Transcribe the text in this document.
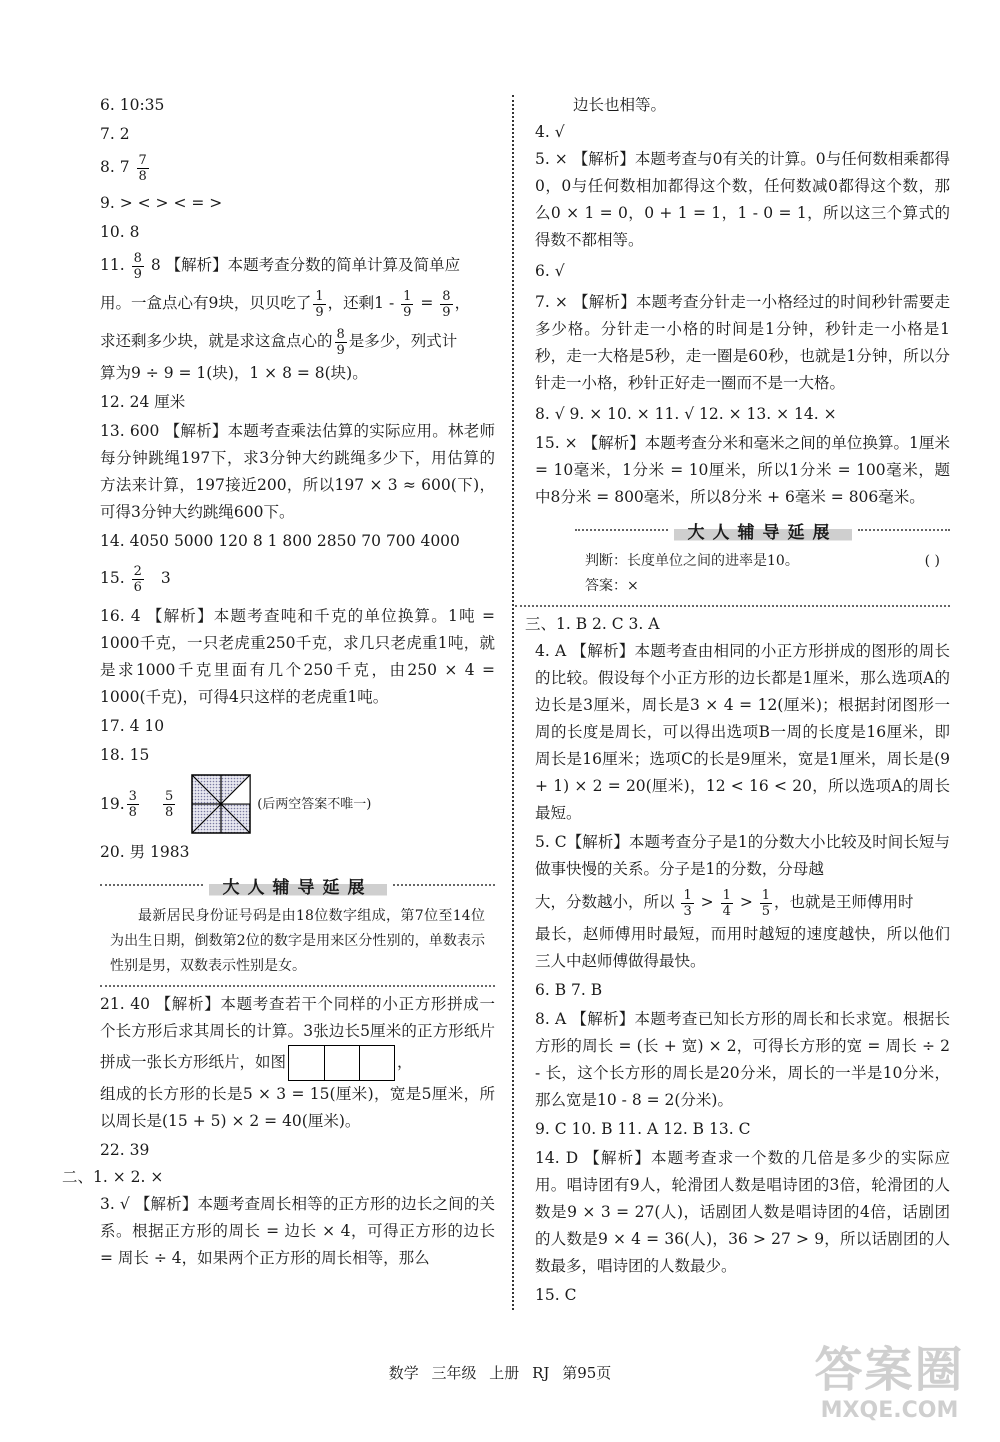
6. 10:35
7. 2
8. $7 \frac{7}{8}$
9. > < > < = >
10. 8
11. $\frac{8}{9} 8$ 【解析】本题考查分数的简单计算及简单应
用。一盒点心有9块，贝贝吃了 $\frac{1}{9}$ ，还剩$1 - \frac{1}{9} = \frac{8}{9}$ ，
求还剩多少块，就是求这盒点心的 $\frac{8}{9}$ 是多少，列式计
算为9 ÷ 9 = 1(块)，1 × 8 = 8(块)。
12. 24 厘米
13. 600 【解析】本题考查乘法估算的实际应用。林老师每分钟跳绳197下，求3分钟大约跳绳多少下，用估算的方法来计算，197接近200，所以197 × 3 ≈ 600(下)，可得3分钟大约跳绳600下。
14. 4050 5000 120 8 1 800 2850 70 700 4000
15. $\frac{2}{6} 3$
16. 4 【解析】本题考查吨和千克的单位换算。1吨 = 1000千克，一只老虎重250千克，求几只老虎重1吨，就是求1000千克里面有几个250千克，由250 × 4 = 1000(千克)，可得4只这样的老虎重1吨。
17. 4 10
18. 15
19. 3
8
5
8
(后两空答案不唯一)
20. 男 1983
大人辅导延展
最新居民身份证号码是由18位数字组成，第7位至14位为出生日期，倒数第2位的数字是用来区分性别的，单数表示性别是男，双数表示性别是女。
21. 40 【解析】本题考查若干个同样的小正方形拼成一个长方形后求其周长的计算。3张边长5厘米的正方形纸片拼成一张长方形纸片，如图	，
组成的长方形的长是5 × 3 = 15(厘米)，宽是5厘米，所以周长是(15 + 5) × 2 = 40(厘米)。
22. 39
二、1. × 2. ×
3. √ 【解析】本题考查周长相等的正方形的边长之间的关系。根据正方形的周长 = 边长 × 4，可得正方形的边长 = 周长 ÷ 4，如果两个正方形的周长相等，那么
边长也相等。
4. √
5. × 【解析】本题考查与0有关的计算。0与任何数相乘都得0，0与任何数相加都得这个数，任何数减0都得这个数，那么0 × 1 = 0，0 + 1 = 1，1 - 0 = 1，所以这三个算式的得数不都相等。
6. √
7. × 【解析】本题考查分针走一小格经过的时间秒针需要走多少格。分针走一小格的时间是1分钟，秒针走一小格是1秒，走一大格是5秒，走一圈是60秒，也就是1分钟，所以分针走一小格，秒针正好走一圈而不是一大格。
8. √ 9. × 10. × 11. √ 12. × 13. × 14. ×
15. × 【解析】本题考查分米和毫米之间的单位换算。1厘米 = 10毫米，1分米 = 10厘米，所以1分米 = 100毫米，题中8分米 = 800毫米，所以8分米 + 6毫米 = 806毫米。
大人辅导延展
判断：长度单位之间的进率是10。	( )
答案：×
三、1. B 2. C 3. A
4. A 【解析】本题考查由相同的小正方形拼成的图形的周长的比较。假设每个小正方形的边长都是1厘米，那么选项A的边长是3厘米，周长是3 × 4 = 12(厘米)；根据封闭图形一周的长度是周长，可以得出选项B一周的长度是16厘米，即周长是16厘米；选项C的长是9厘米，宽是1厘米，周长是(9 + 1) × 2 = 20(厘米)，12 < 16 < 20，所以选项A的周长最短。
5. C【解析】本题考查分子是1的分数大小比较及时间长短与做事快慢的关系。分子是1的分数，分母越
大，分数越小，所以 $\frac{1}{3} > \frac{1}{4} > \frac{1}{5}$ ，也就是王师傅用时
最长，赵师傅用时最短，而用时越短的速度越快，所以他们三人中赵师傅做得最快。
6. B 7. B
8. A 【解析】本题考查已知长方形的周长和长求宽。根据长方形的周长 = (长 + 宽) × 2，可得长方形的宽 = 周长 ÷ 2 - 长，这个长方形的周长是20分米，周长的一半是10分米，那么宽是10 - 8 = 2(分米)。
9. C 10. B 11. A 12. B 13. C
14. D 【解析】本题考查求一个数的几倍是多少的实际应用。唱诗团有9人，轮滑团人数是唱诗团的3倍，轮滑团的人数是9 × 3 = 27(人)，话剧团人数是唱诗团的4倍，话剧团的人数是9 × 4 = 36(人)，36 > 27 > 9，所以话剧团的人数最多，唱诗团的人数最少。
15. C
数学 三年级 上册 RJ 第95页	答案圈
MXQE.COM
